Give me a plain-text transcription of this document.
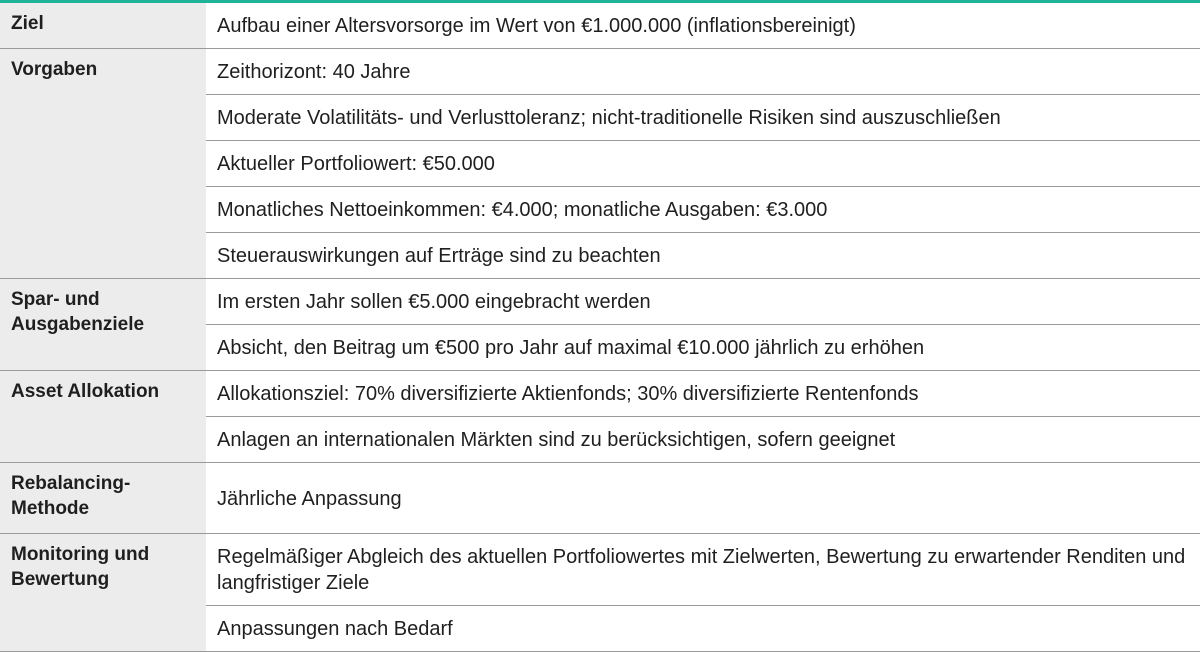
Ziel	Aufbau einer Altersvorsorge im Wert von €1.000.000 (inflationsbereinigt)
Vorgaben	Zeithorizont: 40 Jahre
	Moderate Volatilitäts- und Verlusttoleranz; nicht-traditionelle Risiken sind auszuschließen
	Aktueller Portfoliowert: €50.000
	Monatliches Nettoeinkommen: €4.000; monatliche Ausgaben: €3.000
	Steuerauswirkungen auf Erträge sind zu beachten
Spar- und Ausgabenziele	Im ersten Jahr sollen €5.000 eingebracht werden
	Absicht, den Beitrag um €500 pro Jahr auf maximal €10.000 jährlich zu erhöhen
Asset Allokation	Allokationsziel: 70% diversifizierte Aktienfonds; 30% diversifizierte Rentenfonds
	Anlagen an internationalen Märkten sind zu berücksichtigen, sofern geeignet
Rebalancing-Methode	Jährliche Anpassung
Monitoring und Bewertung	Regelmäßiger Abgleich des aktuellen Portfoliowertes mit Zielwerten, Bewertung zu erwartender Renditen und langfristiger Ziele
	Anpassungen nach Bedarf
